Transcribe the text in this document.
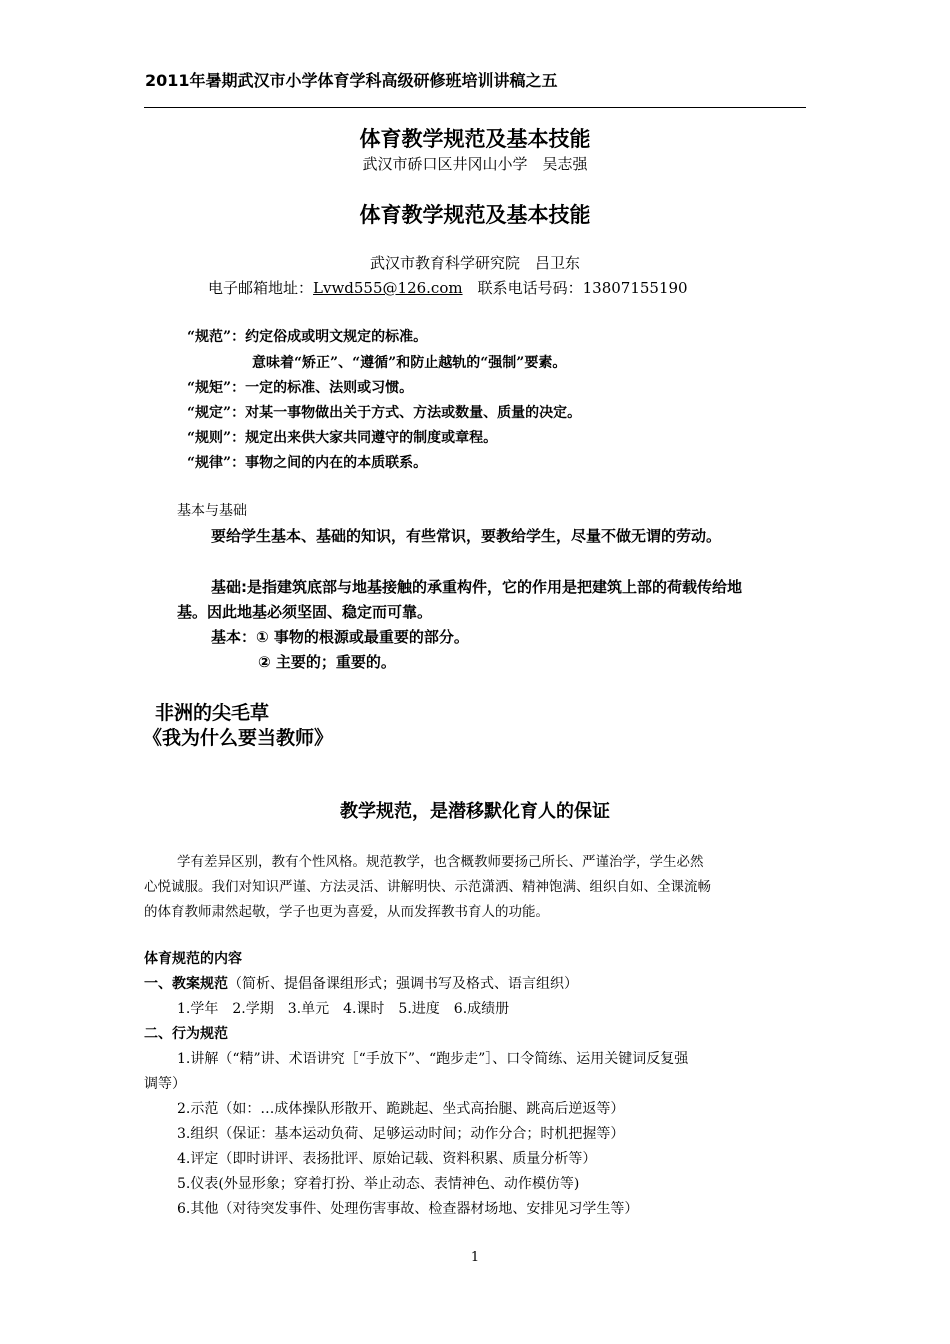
2011年暑期武汉市小学体育学科高级研修班培训讲稿之五
体育教学规范及基本技能
武汉市硚口区井冈山小学　吴志强
体育教学规范及基本技能
武汉市教育科学研究院　吕卫东
电子邮箱地址：Lvwd555@126.com　 联系电话号码：13807155190
“规范”：约定俗成或明文规定的标准。
意味着“矫正”、“遵循”和防止越轨的“强制”要素。
“规矩”：一定的标准、法则或习惯。
“规定”：对某一事物做出关于方式、方法或数量、质量的决定。
“规则”：规定出来供大家共同遵守的制度或章程。
“规律”：事物之间的内在的本质联系。
基本与基础
要给学生基本、基础的知识，有些常识，要教给学生，尽量不做无谓的劳动。
基础:是指建筑底部与地基接触的承重构件，它的作用是把建筑上部的荷载传给地
基。因此地基必须坚固、稳定而可靠。
基本：① 事物的根源或最重要的部分。
② 主要的；重要的。
非洲的尖毛草
《我为什么要当教师》
教学规范，是潜移默化育人的保证
学有差异区别，教有个性风格。规范教学，也含概教师要扬己所长、严谨治学，学生必然
心悦诚服。我们对知识严谨、方法灵活、讲解明快、示范潇洒、精神饱满、组织自如、全课流畅
的体育教师肃然起敬，学子也更为喜爱，从而发挥教书育人的功能。
体育规范的内容
一、教案规范（简析、提倡备课组形式；强调书写及格式、语言组织）
1.学年　2.学期　3.单元　4.课时　5.进度　6.成绩册
二、行为规范
1.讲解（“精”讲、术语讲究［“手放下”、“跑步走”］、口令简练、运用关键词反复强
调等）
2.示范（如：…成体操队形散开、跪跳起、坐式高抬腿、跳高后逆返等）
3.组织（保证：基本运动负荷、足够运动时间；动作分合；时机把握等）
4.评定（即时讲评、表扬批评、原始记载、资料积累、质量分析等）
5.仪表(外显形象；穿着打扮、举止动态、表情神色、动作模仿等)
6.其他（对待突发事件、处理伤害事故、检查器材场地、安排见习学生等）
1
